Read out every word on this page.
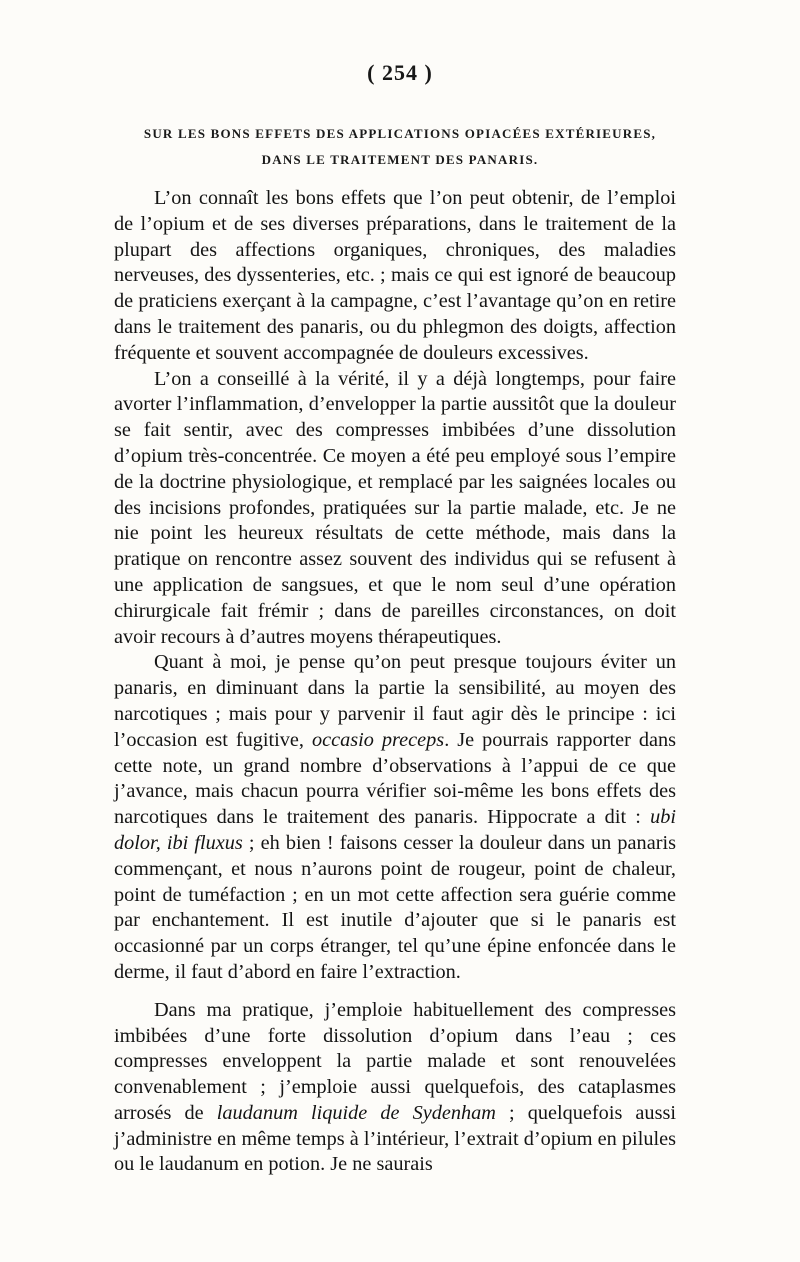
( 254 )
SUR LES BONS EFFETS DES APPLICATIONS OPIACÉES EXTÉRIEURES,
DANS LE TRAITEMENT DES PANARIS.

L’on connaît les bons effets que l’on peut obtenir, de l’emploi de l’opium et de ses diverses préparations, dans le traitement de la plupart des affections organiques, chroniques, des maladies nerveuses, des dyssenteries, etc. ; mais ce qui est ignoré de beaucoup de praticiens exerçant à la campagne, c’est l’avantage qu’on en retire dans le traitement des panaris, ou du phlegmon des doigts, affection fréquente et souvent accompagnée de douleurs excessives.

L’on a conseillé à la vérité, il y a déjà longtemps, pour faire avorter l’inflammation, d’envelopper la partie aussitôt que la douleur se fait sentir, avec des compresses imbibées d’une dissolution d’opium très-concentrée. Ce moyen a été peu employé sous l’empire de la doctrine physiologique, et remplacé par les saignées locales ou des incisions profondes, pratiquées sur la partie malade, etc. Je ne nie point les heureux résultats de cette méthode, mais dans la pratique on rencontre assez souvent des individus qui se refusent à une application de sangsues, et que le nom seul d’une opération chirurgicale fait frémir ; dans de pareilles circonstances, on doit avoir recours à d’autres moyens thérapeutiques.

Quant à moi, je pense qu’on peut presque toujours éviter un panaris, en diminuant dans la partie la sensibilité, au moyen des narcotiques ; mais pour y parvenir il faut agir dès le principe : ici l’occasion est fugitive, occasio preceps. Je pourrais rapporter dans cette note, un grand nombre d’observations à l’appui de ce que j’avance, mais chacun pourra vérifier soi-même les bons effets des narcotiques dans le traitement des panaris. Hippocrate a dit : ubi dolor, ibi fluxus ; eh bien ! faisons cesser la douleur dans un panaris commençant, et nous n’aurons point de rougeur, point de chaleur, point de tuméfaction ; en un mot cette affection sera guérie comme par enchantement. Il est inutile d’ajouter que si le panaris est occasionné par un corps étranger, tel qu’une épine enfoncée dans le derme, il faut d’abord en faire l’extraction.

Dans ma pratique, j’emploie habituellement des compresses imbibées d’une forte dissolution d’opium dans l’eau ; ces compresses enveloppent la partie malade et sont renouvelées convenablement ; j’emploie aussi quelquefois, des cataplasmes arrosés de laudanum liquide de Sydenham ; quelquefois aussi j’administre en même temps à l’intérieur, l’extrait d’opium en pilules ou le laudanum en potion. Je ne saurais
